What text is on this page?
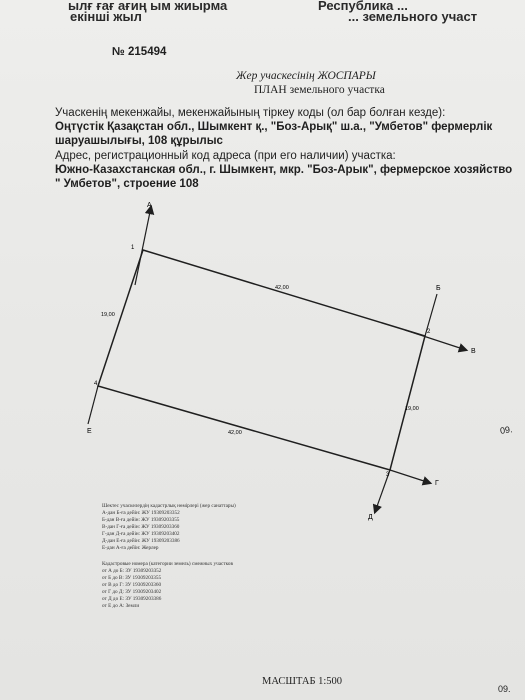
ылғ ғағ ағиң ым жиырма
екінші жыл
Республика ...
... земельного участ
№ 215494
Жер учаскесінің ЖОСПАРЫ
ПЛАН земельного участка
Учаскенің мекенжайы, мекенжайының тіркеу коды (ол бар болған кезде):
Оңтүстік Қазақстан обл., Шымкент қ., "Боз-Арық" ш.а., "Умбетов" фермерлік
шаруашылығы, 108 құрылыс
Адрес, регистрационный код адреса (при его наличии) участка:
Южно-Казахстанская обл., г. Шымкент, мкр. "Боз-Арык", фермерское хозяйство
" Умбетов", строение 108
1
2
3
4
А
Б
В
Г
Д
Е
42,00
19,00
42,00
19,00
Шектес учаскелердің кадастрлық нөмірлері (жер санаттары)
А-дан Б-ға дейін: ЖУ 19309203352
Б-дан В-ға дейін: ЖУ 19309203355
В-дан Г-ға дейін: ЖУ 19309203360
Г-дан Д-ға дейін: ЖУ 19309203402
Д-дан Е-ға дейін: ЖУ 19309203386
Е-дан А-ға дейін: Жерлер
Кадастровые номера (категории земель) смежных участков
от А до Б: ЗУ 19309203352
от Б до В: ЗУ 19309203355
от В до Г: ЗУ 19309203360
от Г до Д: ЗУ 19309203402
от Д до Е: ЗУ 19309203386
от Е до А: Земли
МАСШТАБ 1:500
09.
09.
